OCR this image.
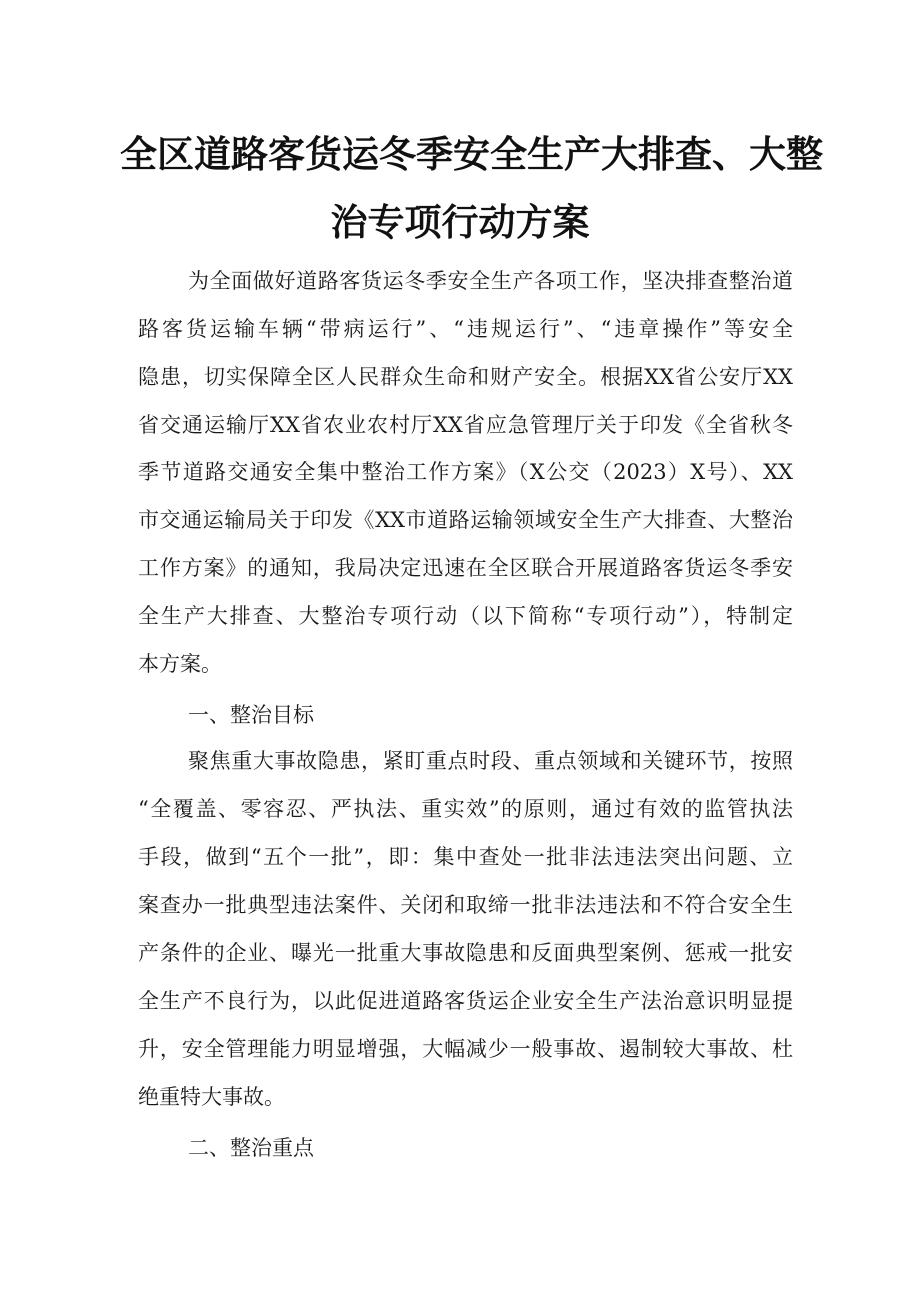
全区道路客货运冬季安全生产大排查、大整
治专项行动方案
为全面做好道路客货运冬季安全生产各项工作，坚决排查整治道
路客货运输车辆“带病运行”、“违规运行”、“违章操作”等安全
隐患，切实保障全区人民群众生命和财产安全。根据XX省公安厅XX
省交通运输厅XX省农业农村厅XX省应急管理厅关于印发《全省秋冬
季节道路交通安全集中整治工作方案》（X公交（2023）X号）、XX
市交通运输局关于印发《XX市道路运输领域安全生产大排查、大整治
工作方案》的通知，我局决定迅速在全区联合开展道路客货运冬季安
全生产大排查、大整治专项行动（以下简称“专项行动”），特制定
本方案。
一、整治目标
聚焦重大事故隐患，紧盯重点时段、重点领域和关键环节，按照
“全覆盖、零容忍、严执法、重实效”的原则，通过有效的监管执法
手段，做到“五个一批”，即：集中查处一批非法违法突出问题、立
案查办一批典型违法案件、关闭和取缔一批非法违法和不符合安全生
产条件的企业、曝光一批重大事故隐患和反面典型案例、惩戒一批安
全生产不良行为，以此促进道路客货运企业安全生产法治意识明显提
升，安全管理能力明显增强，大幅减少一般事故、遏制较大事故、杜
绝重特大事故。
二、整治重点
